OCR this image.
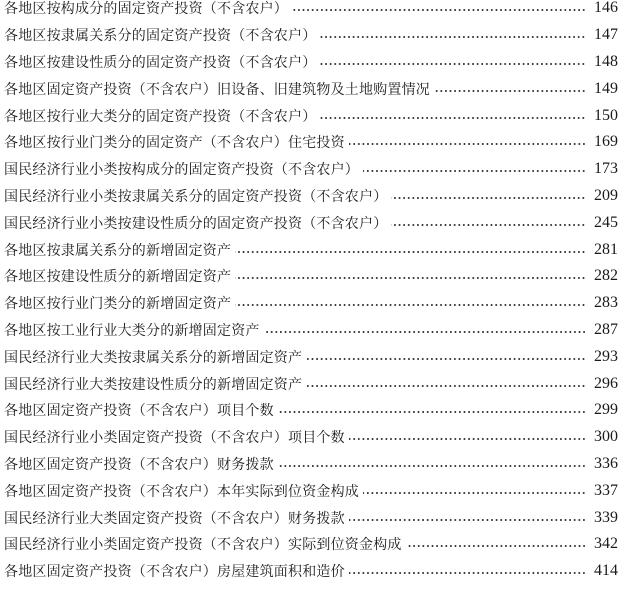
各地区按构成分的固定资产投资（不含农户）	146
各地区按隶属关系分的固定资产投资（不含农户）	147
各地区按建设性质分的固定资产投资（不含农户）	148
各地区固定资产投资（不含农户）旧设备、旧建筑物及土地购置情况	149
各地区按行业大类分的固定资产投资（不含农户）	150
各地区按行业门类分的固定资产（不含农户）住宅投资	169
国民经济行业小类按构成分的固定资产投资（不含农户）	173
国民经济行业小类按隶属关系分的固定资产投资（不含农户）	209
国民经济行业小类按建设性质分的固定资产投资（不含农户）	245
各地区按隶属关系分的新增固定资产	281
各地区按建设性质分的新增固定资产	282
各地区按行业门类分的新增固定资产	283
各地区按工业行业大类分的新增固定资产	287
国民经济行业大类按隶属关系分的新增固定资产	293
国民经济行业大类按建设性质分的新增固定资产	296
各地区固定资产投资（不含农户）项目个数	299
国民经济行业小类固定资产投资（不含农户）项目个数	300
各地区固定资产投资（不含农户）财务拨款	336
各地区固定资产投资（不含农户）本年实际到位资金构成	337
国民经济行业大类固定资产投资（不含农户）财务拨款	339
国民经济行业小类固定资产投资（不含农户）实际到位资金构成	342
各地区固定资产投资（不含农户）房屋建筑面积和造价	414
